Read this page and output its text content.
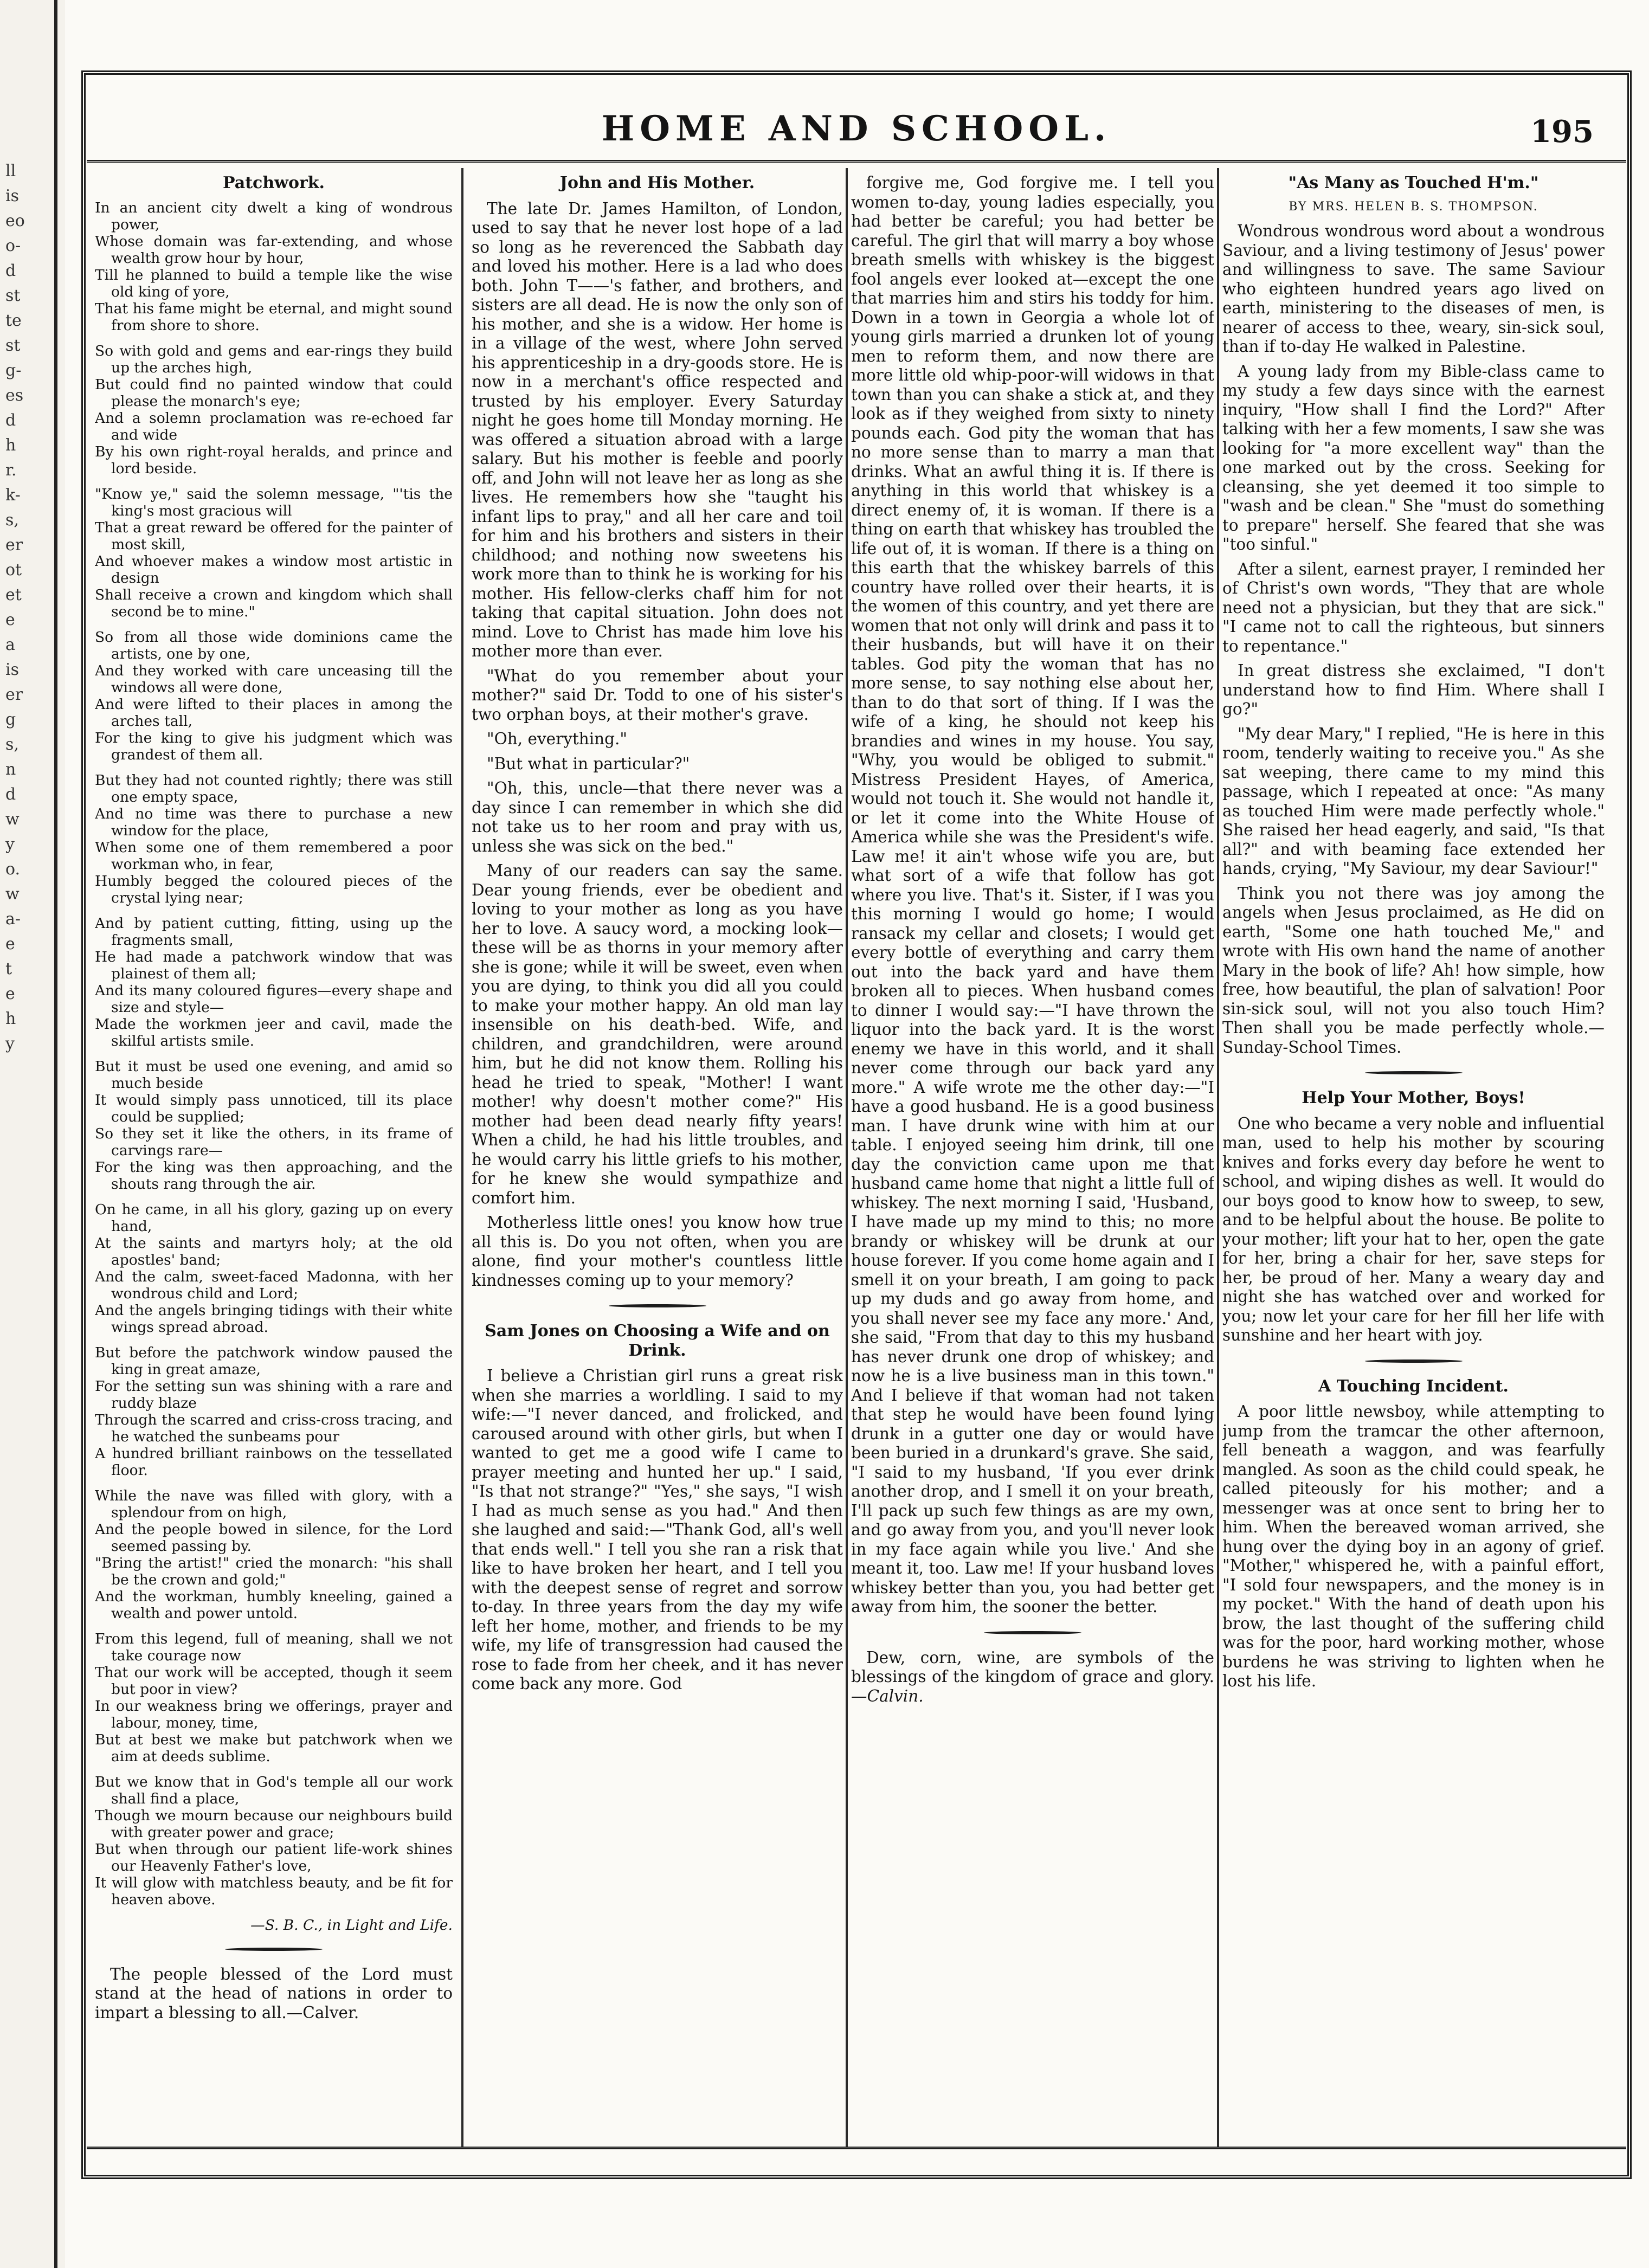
ll
is
eo
o-
d
st
te
st
g-
es
d
h
r.
k-
s,
er
ot
et
e
a
is
er
g
s,
n
d
w
y
o.
w
a-
e
t
e
h
y
HOME AND SCHOOL.	195
Patchwork.
In an ancient city dwelt a king of wondrous power,
Whose domain was far-extending, and whose wealth grow hour by hour,
Till he planned to build a temple like the wise old king of yore,
That his fame might be eternal, and might sound from shore to shore.
So with gold and gems and ear-rings they build up the arches high,
But could find no painted window that could please the monarch's eye;
And a solemn proclamation was re-echoed far and wide
By his own right-royal heralds, and prince and lord beside.
"Know ye," said the solemn message, "'tis the king's most gracious will
That a great reward be offered for the painter of most skill,
And whoever makes a window most artistic in design
Shall receive a crown and kingdom which shall second be to mine."
So from all those wide dominions came the artists, one by one,
And they worked with care unceasing till the windows all were done,
And were lifted to their places in among the arches tall,
For the king to give his judgment which was grandest of them all.
But they had not counted rightly; there was still one empty space,
And no time was there to purchase a new window for the place,
When some one of them remembered a poor workman who, in fear,
Humbly begged the coloured pieces of the crystal lying near;
And by patient cutting, fitting, using up the fragments small,
He had made a patchwork window that was plainest of them all;
And its many coloured figures—every shape and size and style—
Made the workmen jeer and cavil, made the skilful artists smile.
But it must be used one evening, and amid so much beside
It would simply pass unnoticed, till its place could be supplied;
So they set it like the others, in its frame of carvings rare—
For the king was then approaching, and the shouts rang through the air.
On he came, in all his glory, gazing up on every hand,
At the saints and martyrs holy; at the old apostles' band;
And the calm, sweet-faced Madonna, with her wondrous child and Lord;
And the angels bringing tidings with their white wings spread abroad.
But before the patchwork window paused the king in great amaze,
For the setting sun was shining with a rare and ruddy blaze
Through the scarred and criss-cross tracing, and he watched the sunbeams pour
A hundred brilliant rainbows on the tessellated floor.
While the nave was filled with glory, with a splendour from on high,
And the people bowed in silence, for the Lord seemed passing by.
"Bring the artist!" cried the monarch: "his shall be the crown and gold;"
And the workman, humbly kneeling, gained a wealth and power untold.
From this legend, full of meaning, shall we not take courage now
That our work will be accepted, though it seem but poor in view?
In our weakness bring we offerings, prayer and labour, money, time,
But at best we make but patchwork when we aim at deeds sublime.
But we know that in God's temple all our work shall find a place,
Though we mourn because our neighbours build with greater power and grace;
But when through our patient life-work shines our Heavenly Father's love,
It will glow with matchless beauty, and be fit for heaven above.
—S. B. C., in Light and Life.

The people blessed of the Lord must stand at the head of nations in order to impart a blessing to all.—Calver.

John and His Mother.

The late Dr. James Hamilton, of London, used to say that he never lost hope of a lad so long as he reverenced the Sabbath day and loved his mother. Here is a lad who does both. John T——'s father, and brothers, and sisters are all dead. He is now the only son of his mother, and she is a widow. Her home is in a village of the west, where John served his apprenticeship in a dry-goods store. He is now in a merchant's office respected and trusted by his employer. Every Saturday night he goes home till Monday morning. He was offered a situation abroad with a large salary. But his mother is feeble and poorly off, and John will not leave her as long as she lives. He remembers how she "taught his infant lips to pray," and all her care and toil for him and his brothers and sisters in their childhood; and nothing now sweetens his work more than to think he is working for his mother. His fellow-clerks chaff him for not taking that capital situation. John does not mind. Love to Christ has made him love his mother more than ever.

"What do you remember about your mother?" said Dr. Todd to one of his sister's two orphan boys, at their mother's grave.

"Oh, everything."

"But what in particular?"

"Oh, this, uncle—that there never was a day since I can remember in which she did not take us to her room and pray with us, unless she was sick on the bed."

Many of our readers can say the same. Dear young friends, ever be obedient and loving to your mother as long as you have her to love. A saucy word, a mocking look—these will be as thorns in your memory after she is gone; while it will be sweet, even when you are dying, to think you did all you could to make your mother happy. An old man lay insensible on his death-bed. Wife, and children, and grandchildren, were around him, but he did not know them. Rolling his head he tried to speak, "Mother! I want mother! why doesn't mother come?" His mother had been dead nearly fifty years! When a child, he had his little troubles, and he would carry his little griefs to his mother, for he knew she would sympathize and comfort him.

Motherless little ones! you know how true all this is. Do you not often, when you are alone, find your mother's countless little kindnesses coming up to your memory?

Sam Jones on Choosing a Wife and on Drink.

I believe a Christian girl runs a great risk when she marries a worldling. I said to my wife:—"I never danced, and frolicked, and caroused around with other girls, but when I wanted to get me a good wife I came to prayer meeting and hunted her up." I said, "Is that not strange?" "Yes," she says, "I wish I had as much sense as you had." And then she laughed and said:—"Thank God, all's well that ends well." I tell you she ran a risk that like to have broken her heart, and I tell you with the deepest sense of regret and sorrow to-day. In three years from the day my wife left her home, mother, and friends to be my wife, my life of transgression had caused the rose to fade from her cheek, and it has never come back any more. God

forgive me, God forgive me. I tell you women to-day, young ladies especially, you had better be careful; you had better be careful. The girl that will marry a boy whose breath smells with whiskey is the biggest fool angels ever looked at—except the one that marries him and stirs his toddy for him. Down in a town in Georgia a whole lot of young girls married a drunken lot of young men to reform them, and now there are more little old whip-poor-will widows in that town than you can shake a stick at, and they look as if they weighed from sixty to ninety pounds each. God pity the woman that has no more sense than to marry a man that drinks. What an awful thing it is. If there is anything in this world that whiskey is a direct enemy of, it is woman. If there is a thing on earth that whiskey has troubled the life out of, it is woman. If there is a thing on this earth that the whiskey barrels of this country have rolled over their hearts, it is the women of this country, and yet there are women that not only will drink and pass it to their husbands, but will have it on their tables. God pity the woman that has no more sense, to say nothing else about her, than to do that sort of thing. If I was the wife of a king, he should not keep his brandies and wines in my house. You say, "Why, you would be obliged to submit." Mistress President Hayes, of America, would not touch it. She would not handle it, or let it come into the White House of America while she was the President's wife. Law me! it ain't whose wife you are, but what sort of a wife that follow has got where you live. That's it. Sister, if I was you this morning I would go home; I would ransack my cellar and closets; I would get every bottle of everything and carry them out into the back yard and have them broken all to pieces. When husband comes to dinner I would say:—"I have thrown the liquor into the back yard. It is the worst enemy we have in this world, and it shall never come through our back yard any more." A wife wrote me the other day:—"I have a good husband. He is a good business man. I have drunk wine with him at our table. I enjoyed seeing him drink, till one day the conviction came upon me that husband came home that night a little full of whiskey. The next morning I said, 'Husband, I have made up my mind to this; no more brandy or whiskey will be drunk at our house forever. If you come home again and I smell it on your breath, I am going to pack up my duds and go away from home, and you shall never see my face any more.' And, she said, "From that day to this my husband has never drunk one drop of whiskey; and now he is a live business man in this town." And I believe if that woman had not taken that step he would have been found lying drunk in a gutter one day or would have been buried in a drunkard's grave. She said, "I said to my husband, 'If you ever drink another drop, and I smell it on your breath, I'll pack up such few things as are my own, and go away from you, and you'll never look in my face again while you live.' And she meant it, too. Law me! If your husband loves whiskey better than you, you had better get away from him, the sooner the better.

Dew, corn, wine, are symbols of the blessings of the kingdom of grace and glory.—Calvin.

"As Many as Touched H'm."
BY MRS. HELEN B. S. THOMPSON.

Wondrous wondrous word about a wondrous Saviour, and a living testimony of Jesus' power and willingness to save. The same Saviour who eighteen hundred years ago lived on earth, ministering to the diseases of men, is nearer of access to thee, weary, sin-sick soul, than if to-day He walked in Palestine.

A young lady from my Bible-class came to my study a few days since with the earnest inquiry, "How shall I find the Lord?" After talking with her a few moments, I saw she was looking for "a more excellent way" than the one marked out by the cross. Seeking for cleansing, she yet deemed it too simple to "wash and be clean." She "must do something to prepare" herself. She feared that she was "too sinful."

After a silent, earnest prayer, I reminded her of Christ's own words, "They that are whole need not a physician, but they that are sick." "I came not to call the righteous, but sinners to repentance."

In great distress she exclaimed, "I don't understand how to find Him. Where shall I go?"

"My dear Mary," I replied, "He is here in this room, tenderly waiting to receive you." As she sat weeping, there came to my mind this passage, which I repeated at once: "As many as touched Him were made perfectly whole." She raised her head eagerly, and said, "Is that all?" and with beaming face extended her hands, crying, "My Saviour, my dear Saviour!"

Think you not there was joy among the angels when Jesus proclaimed, as He did on earth, "Some one hath touched Me," and wrote with His own hand the name of another Mary in the book of life? Ah! how simple, how free, how beautiful, the plan of salvation! Poor sin-sick soul, will not you also touch Him? Then shall you be made perfectly whole.—Sunday-School Times.

Help Your Mother, Boys!

One who became a very noble and influential man, used to help his mother by scouring knives and forks every day before he went to school, and wiping dishes as well. It would do our boys good to know how to sweep, to sew, and to be helpful about the house. Be polite to your mother; lift your hat to her, open the gate for her, bring a chair for her, save steps for her, be proud of her. Many a weary day and night she has watched over and worked for you; now let your care for her fill her life with sunshine and her heart with joy.

A Touching Incident.

A poor little newsboy, while attempting to jump from the tramcar the other afternoon, fell beneath a waggon, and was fearfully mangled. As soon as the child could speak, he called piteously for his mother; and a messenger was at once sent to bring her to him. When the bereaved woman arrived, she hung over the dying boy in an agony of grief. "Mother," whispered he, with a painful effort, "I sold four newspapers, and the money is in my pocket." With the hand of death upon his brow, the last thought of the suffering child was for the poor, hard working mother, whose burdens he was striving to lighten when he lost his life.
